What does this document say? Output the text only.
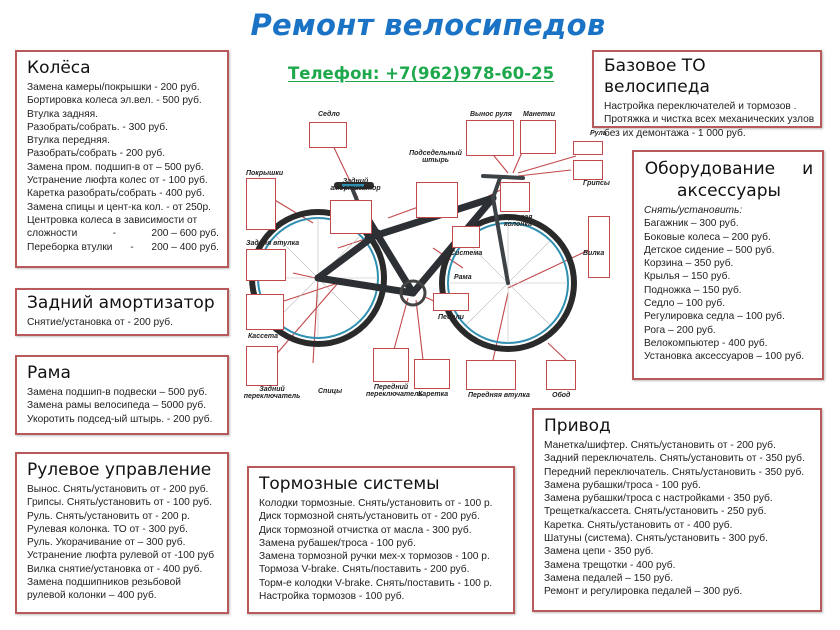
Ремонт велосипедов
Телефон: +7(962)978-60-25
Колёса
Замена камеры/покрышки - 200 руб.
Бортировка колеса эл.вел. - 500 руб.
Втулка задняя.
Разобрать/собрать. - 300 руб.
Втулка передняя.
Разобрать/собрать - 200 руб.
Замена пром. подшип-в от – 500 руб.
Устранение люфта колес от - 100 руб.
Каретка разобрать/собрать - 400 руб.
Замена спицы и цент-ка кол. - от 250р.
Центровка колеса в зависимости от
сложности	-	200 – 600 руб.
Переборка втулки - 200 – 400 руб.
Задний амортизатор
Снятие/установка от - 200 руб.
Рама
Замена подшип-в подвески – 500 руб.
Замена рамы велосипеда – 5000 руб.
Укоротить подсед-ый штырь. - 200 руб.
Рулевое управление
Вынос. Снять/установить от - 200 руб.
Грипсы. Снять/установить от - 100 руб.
Руль. Снять/установить от - 200 р.
Рулевая колонка. ТО от - 300 руб.
Руль. Укорачивание от – 300 руб.
Устранение люфта рулевой от -100 руб
Вилка снятие/установка от - 400 руб.
Замена подшипников резьбовой
рулевой колонки – 400 руб.
Тормозные системы
Колодки тормозные. Снять/установить от - 100 р.
Диск тормозной снять/установить от - 200 руб.
Диск тормозной отчистка от масла - 300 руб.
Замена рубашек/троса - 100 руб.
Замена тормозной ручки мех-х тормозов - 100 р.
Тормоза V-brake. Снять/поставить - 200 руб.
Торм-е колодки V-brake. Снять/поставить - 100 р.
Настройка тормозов - 100 руб.
Привод
Манетка/шифтер. Снять/установить от - 200 руб.
Задний переключатель. Снять/установить от - 350 руб.
Передний переключатель. Снять/установить - 350 руб.
Замена рубашки/троса - 100 руб.
Замена рубашки/троса с настройками - 350 руб.
Трещетка/кассета. Снять/установить - 250 руб.
Каретка. Снять/установить от - 400 руб.
Шатуны (система). Снять/установить - 300 руб.
Замена цепи - 350 руб.
Замена трещотки - 400 руб.
Замена педалей – 150 руб.
Ремонт и регулировка педалей – 300 руб.
Базовое ТО велосипеда
Настройка переключателей и тормозов .
Протяжка и чистка всех механических узлов
без их демонтажа - 1 000 руб.
Оборудование     и
аксессуары
Снять/установить:
Багажник – 300 руб.
Боковые колеса – 200 руб.
Детское сидение – 500 руб.
Корзина – 350 руб.
Крылья – 150 руб.
Подножка – 150 руб.
Седло – 100 руб.
Регулировка седла – 100 руб.
Рога – 200 руб.
Велокомпьютер - 400 руб.
Установка аксессуаров – 100 руб.
Седло	Вынос руля Манетки
Руль
Грипсы
Подседельный штырь
Задний амортизатор
Покрышки
Задняя втулка
Рулевая колонка
Система
Рама
Вилка
Педали
Кассета
Задний переключатель
Спицы
Передний переключатель
Каретка	Передняя втулка	Обод
